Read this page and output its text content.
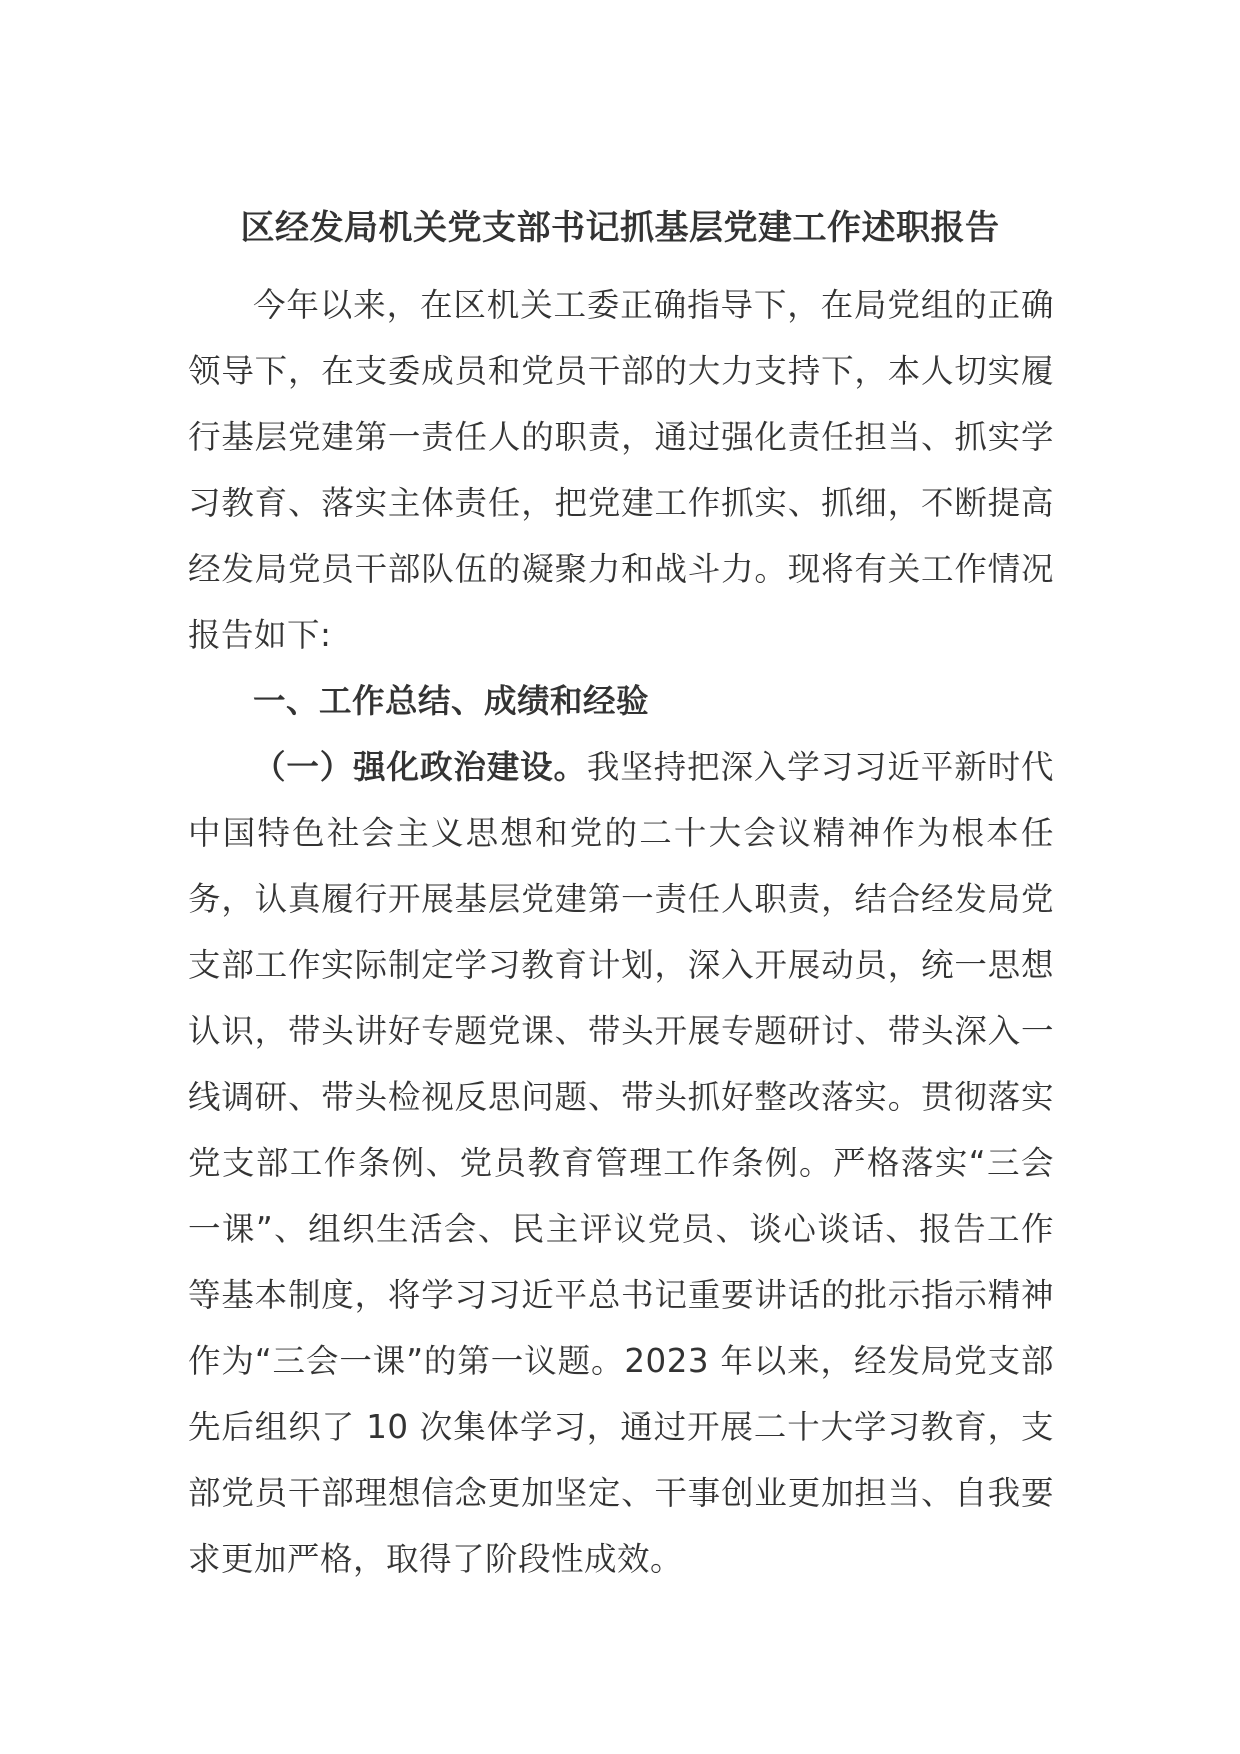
区经发局机关党支部书记抓基层党建工作述职报告

今年以来，在区机关工委正确指导下，在局党组的正确领导下，在支委成员和党员干部的大力支持下，本人切实履行基层党建第一责任人的职责，通过强化责任担当、抓实学习教育、落实主体责任，把党建工作抓实、抓细，不断提高经发局党员干部队伍的凝聚力和战斗力。现将有关工作情况报告如下:

一、工作总结、成绩和经验

（一）强化政治建设。我坚持把深入学习习近平新时代中国特色社会主义思想和党的二十大会议精神作为根本任务，认真履行开展基层党建第一责任人职责，结合经发局党支部工作实际制定学习教育计划，深入开展动员，统一思想认识，带头讲好专题党课、带头开展专题研讨、带头深入一线调研、带头检视反思问题、带头抓好整改落实。贯彻落实党支部工作条例、党员教育管理工作条例。严格落实“三会一课”、组织生活会、民主评议党员、谈心谈话、报告工作等基本制度，将学习习近平总书记重要讲话的批示指示精神作为“三会一课”的第一议题。2023 年以来，经发局党支部先后组织了 10 次集体学习，通过开展二十大学习教育，支部党员干部理想信念更加坚定、干事创业更加担当、自我要求更加严格，取得了阶段性成效。
